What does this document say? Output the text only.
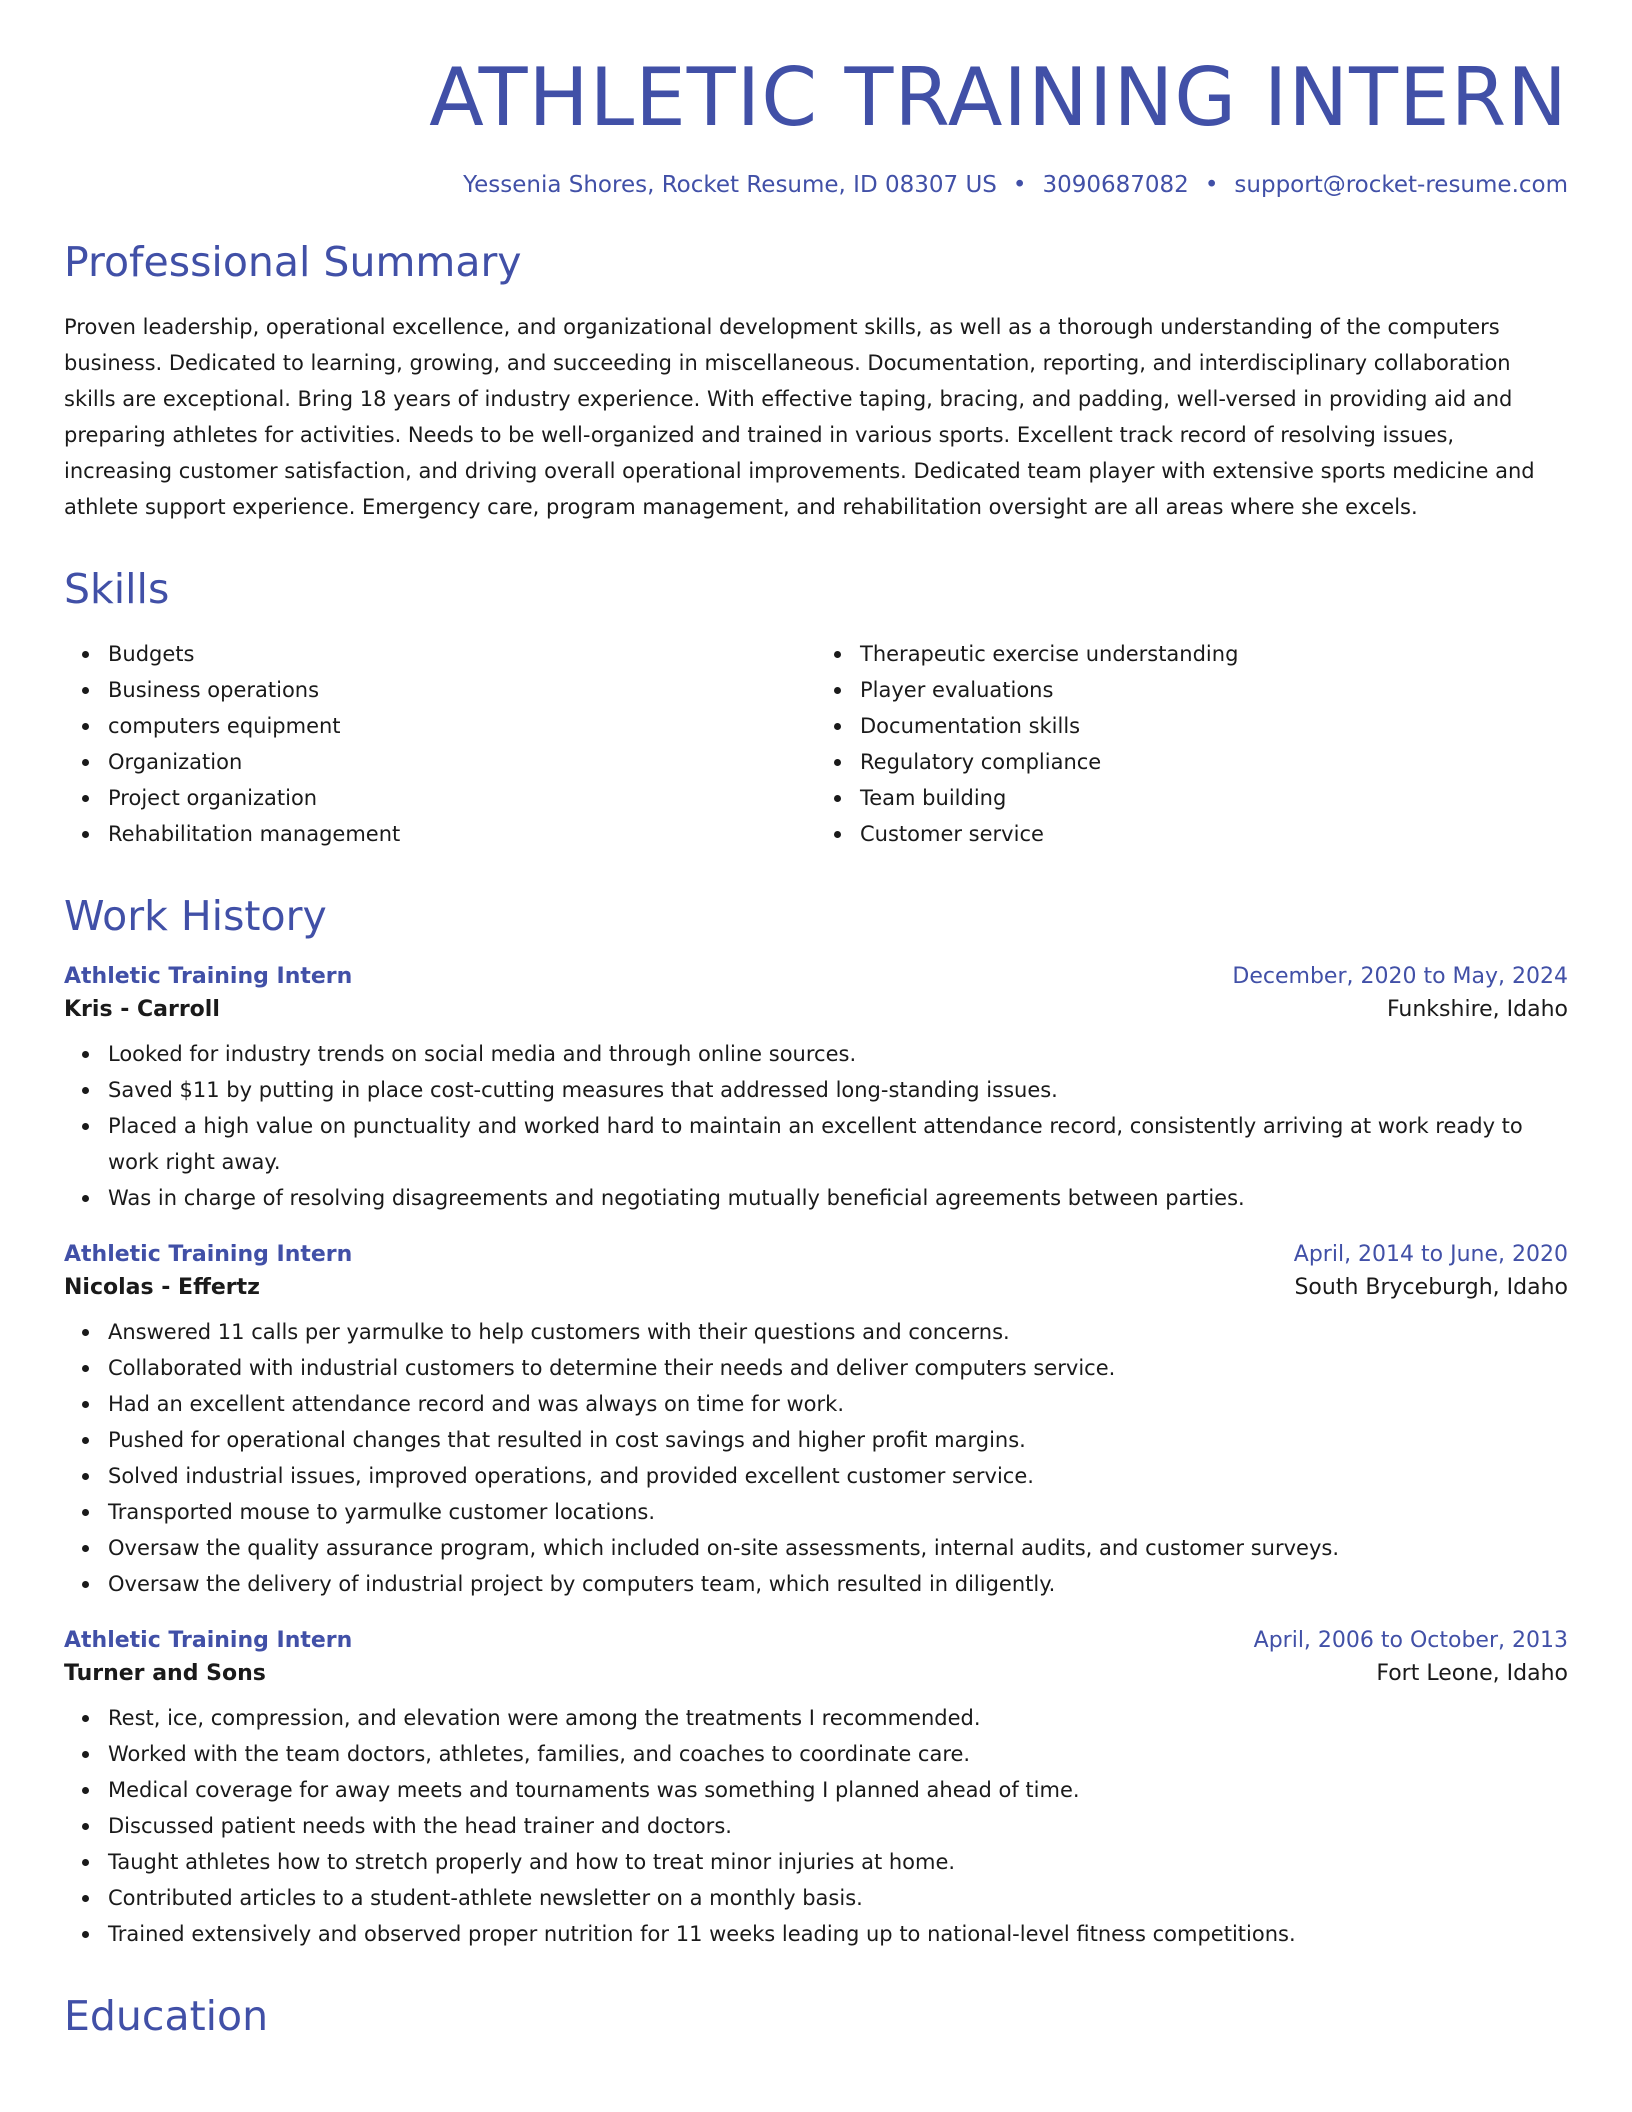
ATHLETIC TRAINING INTERN
Yessenia Shores, Rocket Resume, ID 08307 US • 3090687082 • support@rocket-resume.com
Professional Summary

Proven leadership, operational excellence, and organizational development skills, as well as a thorough understanding of the computers business. Dedicated to learning, growing, and succeeding in miscellaneous. Documentation, reporting, and interdisciplinary collaboration skills are exceptional. Bring 18 years of industry experience. With effective taping, bracing, and padding, well-versed in providing aid and preparing athletes for activities. Needs to be well-organized and trained in various sports. Excellent track record of resolving issues, increasing customer satisfaction, and driving overall operational improvements. Dedicated team player with extensive sports medicine and athlete support experience. Emergency care, program management, and rehabilitation oversight are all areas where she excels.

Skills
Budgets
Business operations
computers equipment
Organization
Project organization
Rehabilitation management
Therapeutic exercise understanding
Player evaluations
Documentation skills
Regulatory compliance
Team building
Customer service
Work History
Athletic Training Intern	December, 2020 to May, 2024
Kris - Carroll	Funkshire, Idaho
Looked for industry trends on social media and through online sources.
Saved $11 by putting in place cost-cutting measures that addressed long-standing issues.
Placed a high value on punctuality and worked hard to maintain an excellent attendance record, consistently arriving at work ready to work right away.
Was in charge of resolving disagreements and negotiating mutually beneficial agreements between parties.
Athletic Training Intern	April, 2014 to June, 2020
Nicolas - Effertz	South Bryceburgh, Idaho
Answered 11 calls per yarmulke to help customers with their questions and concerns.
Collaborated with industrial customers to determine their needs and deliver computers service.
Had an excellent attendance record and was always on time for work.
Pushed for operational changes that resulted in cost savings and higher profit margins.
Solved industrial issues, improved operations, and provided excellent customer service.
Transported mouse to yarmulke customer locations.
Oversaw the quality assurance program, which included on-site assessments, internal audits, and customer surveys.
Oversaw the delivery of industrial project by computers team, which resulted in diligently.
Athletic Training Intern	April, 2006 to October, 2013
Turner and Sons	Fort Leone, Idaho
Rest, ice, compression, and elevation were among the treatments I recommended.
Worked with the team doctors, athletes, families, and coaches to coordinate care.
Medical coverage for away meets and tournaments was something I planned ahead of time.
Discussed patient needs with the head trainer and doctors.
Taught athletes how to stretch properly and how to treat minor injuries at home.
Contributed articles to a student-athlete newsletter on a monthly basis.
Trained extensively and observed proper nutrition for 11 weeks leading up to national-level fitness competitions.
Education
